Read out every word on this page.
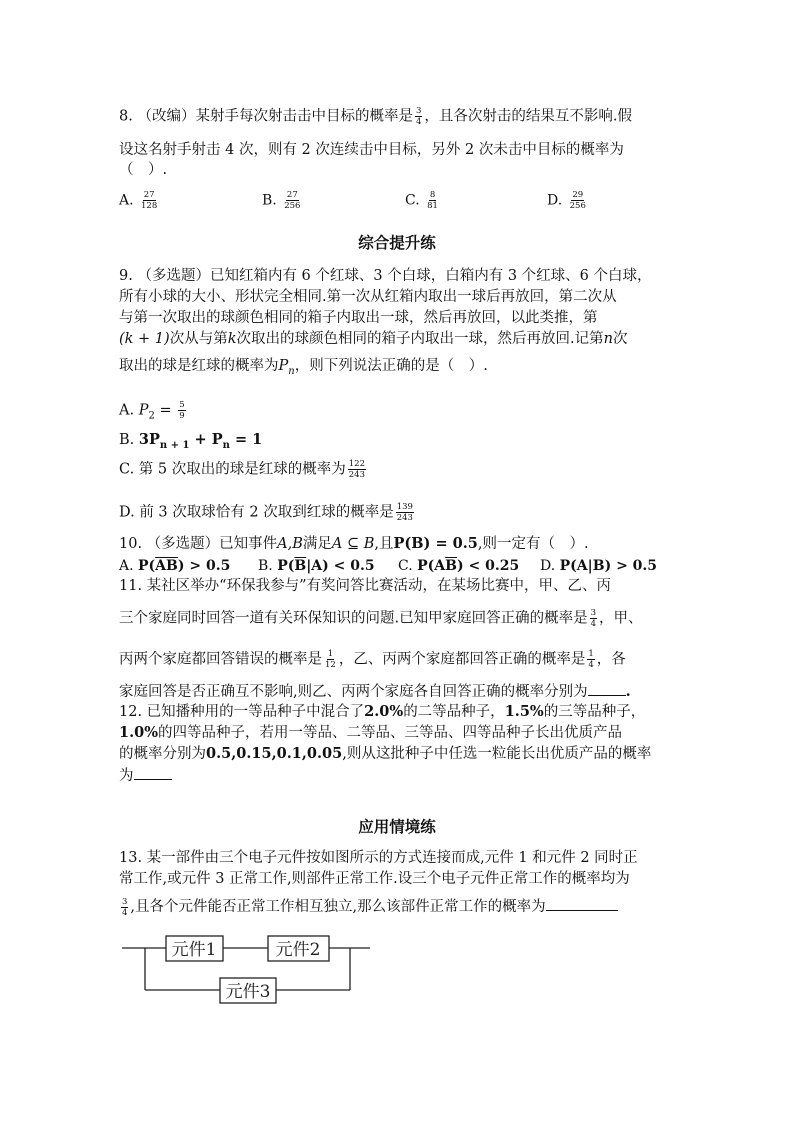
8. （改编）某射手每次射击击中目标的概率是 $\frac{3}{4}$ ，且各次射击的结果互不影响.假
设这名射手射击 4 次，则有 2 次连续击中目标，另外 2 次未击中目标的概率为
（　）.
A. $\frac{27}{128}$	B. $\frac{27}{256}$	C. $\frac{8}{81}$	D. $\frac{29}{256}$
综合提升练
9. （多选题）已知红箱内有 6 个红球、3 个白球，白箱内有 3 个红球、6 个白球，
所有小球的大小、形状完全相同.第一次从红箱内取出一球后再放回，第二次从
与第一次取出的球颜色相同的箱子内取出一球，然后再放回，以此类推，第
(k + 1)次从与第k次取出的球颜色相同的箱子内取出一球，然后再放回.记第n次
取出的球是红球的概率为$P_n$，则下列说法正确的是（　）.
A. $P_2 = \frac{5}{9}$
B. $3P_{n + 1} + P_n = 1$
C. 第 5 次取出的球是红球的概率为 $\frac{122}{243}$
D. 前 3 次取球恰有 2 次取到红球的概率是 $\frac{139}{243}$
10. （多选题）已知事件A,B满足A ⊆ B,且P(B) = 0.5,则一定有（　）.
A. $P(\overline{AB}) > 0.5$ B. $P(\overline{B}|A) < 0.5$ C. $P(A\overline{B}) < 0.25$ D. P(A|B) > 0.5
11. 某社区举办“环保我参与”有奖问答比赛活动，在某场比赛中，甲、乙、丙
三个家庭同时回答一道有关环保知识的问题.已知甲家庭回答正确的概率是 $\frac{3}{4}$ ，甲、
丙两个家庭都回答错误的概率是 $\frac{1}{12}$ ，乙、丙两个家庭都回答正确的概率是 $\frac{1}{4}$ ，各
家庭回答是否正确互不影响,则乙、丙两个家庭各自回答正确的概率分别为	.
12. 已知播种用的一等品种子中混合了2.0%的二等品种子，1.5%的三等品种子，
1.0%的四等品种子，若用一等品、二等品、三等品、四等品种子长出优质产品
的概率分别为0.5,0.15,0.1,0.05,则从这批种子中任选一粒能长出优质产品的概率
为
应用情境练
13. 某一部件由三个电子元件按如图所示的方式连接而成,元件 1 和元件 2 同时正
常工作,或元件 3 正常工作,则部件正常工作.设三个电子元件正常工作的概率均为
$\frac{3}{4}$ ,且各个元件能否正常工作相互独立,那么该部件正常工作的概率为
元件1	元件2
元件3
